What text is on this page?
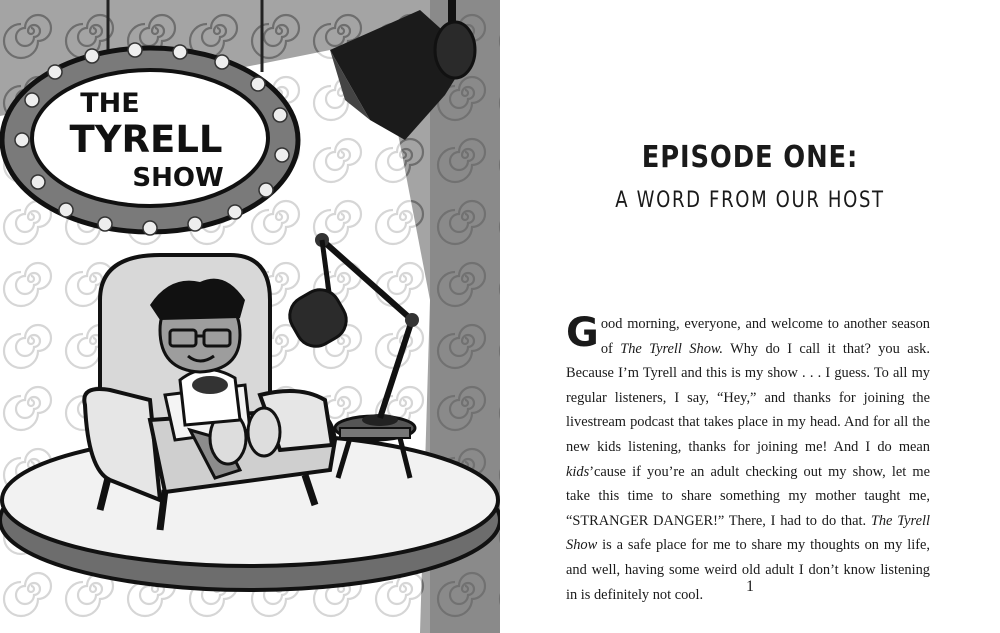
THE
TYRELL
SHOW
EPISODE ONE:
A WORD FROM OUR HOST
Good morning, everyone, and welcome to another season of The Tyrell Show. Why do I call it that? you ask. Because I’m Tyrell and this is my show . . . I guess. To all my regular listeners, I say, “Hey,” and thanks for joining the livestream podcast that takes place in my head. And for all the new kids listening, thanks for joining me! And I do mean kids’cause if you’re an adult checking out my show, let me take this time to share something my mother taught me, “STRANGER DANGER!” There, I had to do that. The Tyrell Show is a safe place for me to share my thoughts on my life, and well, having some weird old adult I don’t know listening in is definitely not cool.	1
